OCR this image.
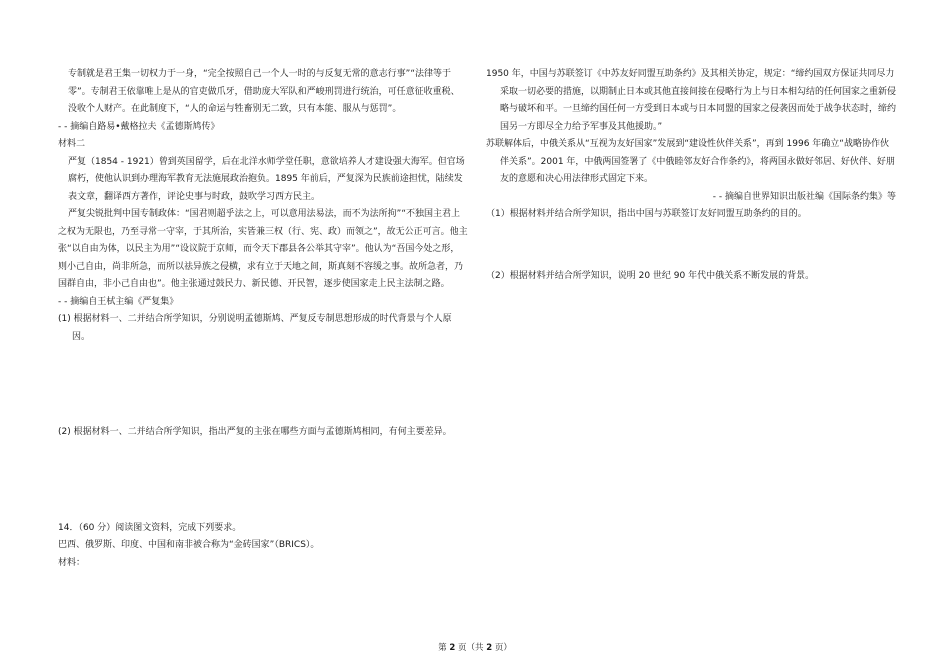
专制就是君王集一切权力于一身，“完全按照自己一个人一时的与反复无常的意志行事”“法律等于零”。专制君王依靠唯上是从的官吏做爪牙，借助庞大军队和严峻刑罚进行统治，可任意征收重税、没收个人财产。在此制度下，“人的命运与牲畜别无二致，只有本能、服从与惩罚”。

- - 摘编自路易•戴格拉夫《孟德斯鸠传》

材料二

严复（1854 - 1921）曾到英国留学，后在北洋水师学堂任职，意欲培养人才建设强大海军。但官场腐朽，使他认识到办理海军教育无法施展政治抱负。1895 年前后，严复深为民族前途担忧，陆续发表文章，翻译西方著作，评论史事与时政，鼓吹学习西方民主。

严复尖锐批判中国专制政体：“国君则超乎法之上，可以意用法易法，而不为法所拘”“不独国主君上之权为无限也，乃至寻常一守宰，于其所治，实皆兼三权（行、宪、政）而领之”，故无公正可言。他主张“以自由为体，以民主为用”“设议院于京师，而令天下郡县各公举其守宰”。他认为“吾国今处之形，则小己自由，尚非所急，而所以祛异族之侵横，求有立于天地之间，斯真刻不容缓之事。故所急者，乃国群自由，非小己自由也”。他主张通过鼓民力、新民德、开民智，逐步使国家走上民主法制之路。

- - 摘编自王栻主编《严复集》

(1) 根据材料一、二并结合所学知识，分别说明孟德斯鸠、严复反专制思想形成的时代背景与个人原因。

(2) 根据材料一、二并结合所学知识，指出严复的主张在哪些方面与孟德斯鸠相同，有何主要差异。

14．（60 分）阅读图文资料，完成下列要求。

巴西、俄罗斯、印度、中国和南非被合称为“金砖国家”（BRICS）。

材料：

1950 年，中国与苏联签订《中苏友好同盟互助条约》及其相关协定，规定：“缔约国双方保证共同尽力采取一切必要的措施，以期制止日本或其他直接间接在侵略行为上与日本相勾结的任何国家之重新侵略与破坏和平。一旦缔约国任何一方受到日本或与日本同盟的国家之侵袭因而处于战争状态时，缔约国另一方即尽全力给予军事及其他援助。”

苏联解体后，中俄关系从“互视为友好国家”发展到“建设性伙伴关系”，再到 1996 年确立“战略协作伙伴关系”。2001 年，中俄两国签署了《中俄睦邻友好合作条约》，将两国永做好邻居、好伙伴、好朋友的意愿和决心用法律形式固定下来。

- - 摘编自世界知识出版社编《国际条约集》等

（1）根据材料并结合所学知识，指出中国与苏联签订友好同盟互助条约的目的。

（2）根据材料并结合所学知识，说明 20 世纪 90 年代中俄关系不断发展的背景。

第 2 页（共 2 页）
